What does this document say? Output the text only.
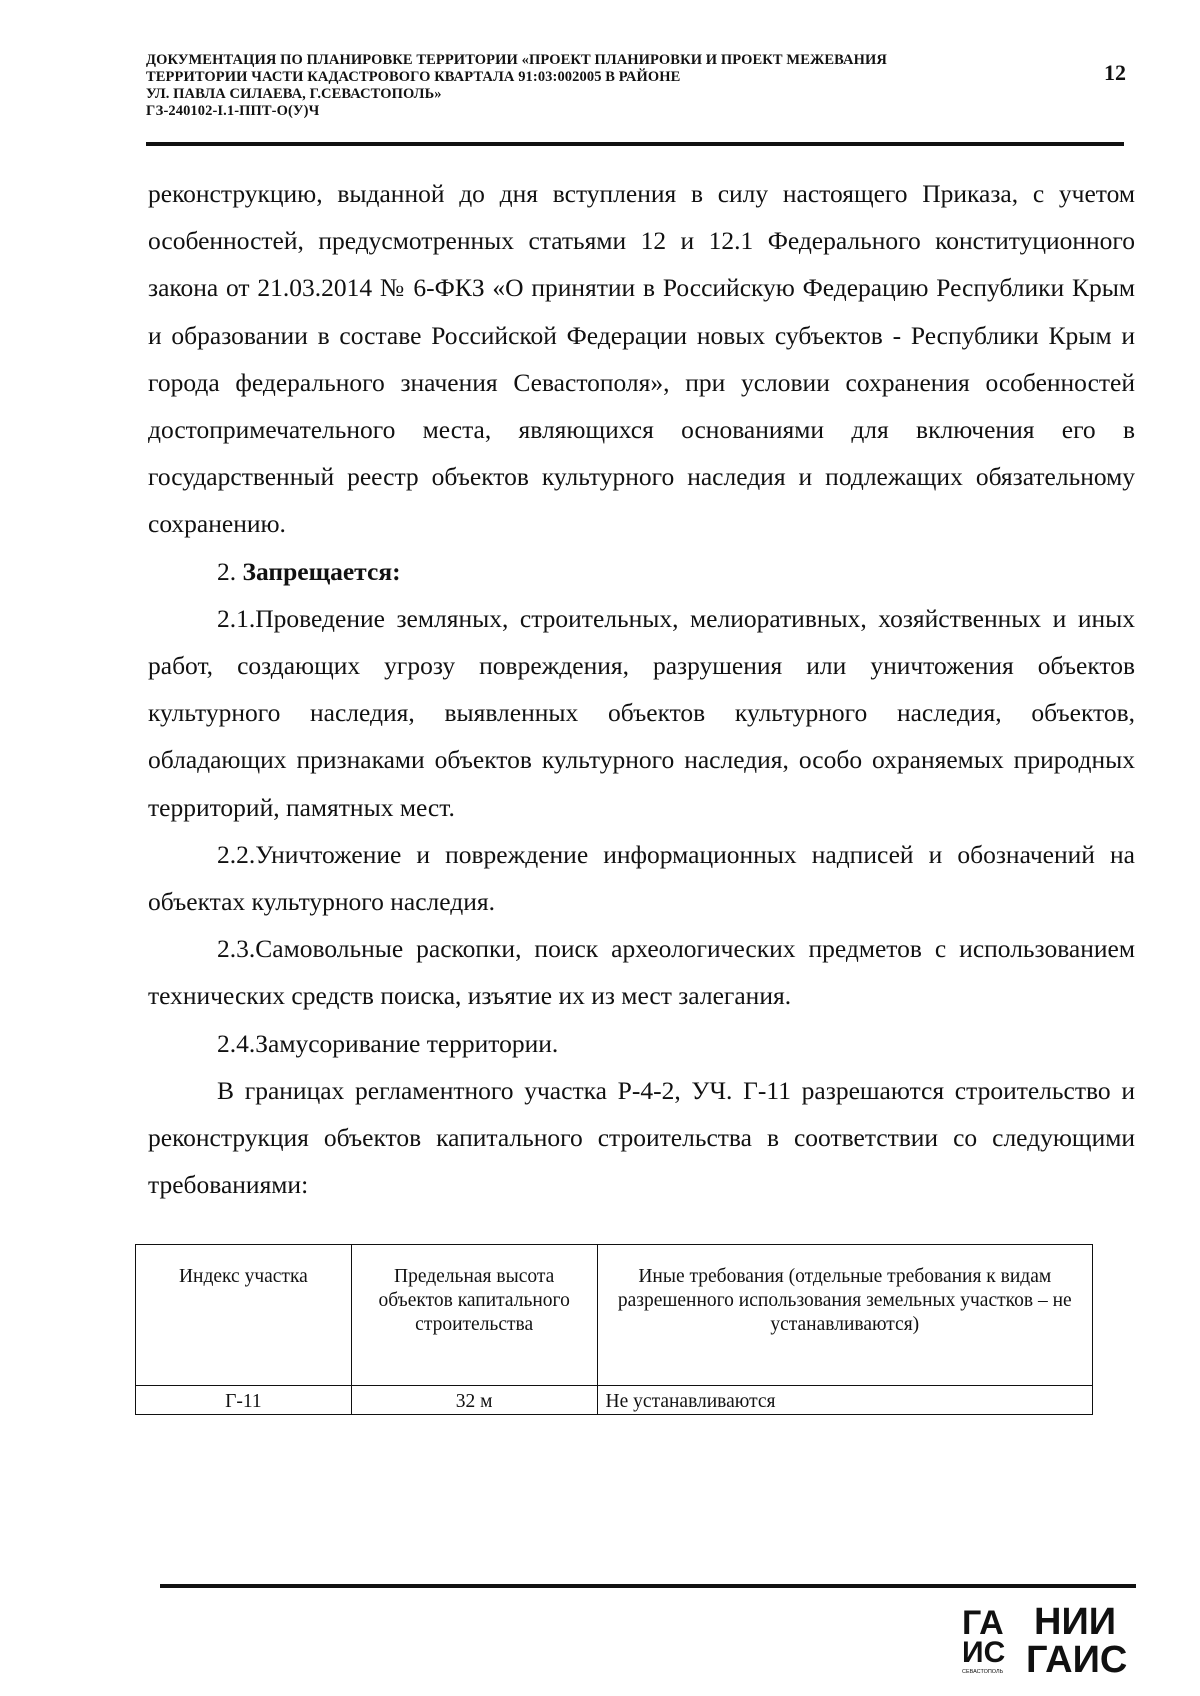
ДОКУМЕНТАЦИЯ ПО ПЛАНИРОВКЕ ТЕРРИТОРИИ «ПРОЕКТ ПЛАНИРОВКИ И ПРОЕКТ МЕЖЕВАНИЯ
ТЕРРИТОРИИ ЧАСТИ КАДАСТРОВОГО КВАРТАЛА 91:03:002005 В РАЙОНЕ
УЛ. ПАВЛА СИЛАЕВА, Г.СЕВАСТОПОЛЬ»
ГЗ-240102-I.1-ППТ-О(У)Ч
12

реконструкцию, выданной до дня вступления в силу настоящего Приказа, с учетом особенностей, предусмотренных статьями 12 и 12.1 Федерального конституционного закона от 21.03.2014 № 6-ФКЗ «О принятии в Российскую Федерацию Республики Крым и образовании в составе Российской Федерации новых субъектов - Республики Крым и города федерального значения Севастополя», при условии сохранения особенностей достопримечательного места, являющихся основаниями для включения его в государственный реестр объектов культурного наследия и подлежащих обязательному сохранению.

2. Запрещается:

2.1.Проведение земляных, строительных, мелиоративных, хозяйственных и иных работ, создающих угрозу повреждения, разрушения или уничтожения объектов культурного наследия, выявленных объектов культурного наследия, объектов, обладающих признаками объектов культурного наследия, особо охраняемых природных территорий, памятных мест.

2.2.Уничтожение и повреждение информационных надписей и обозначений на объектах культурного наследия.

2.3.Самовольные раскопки, поиск археологических предметов с использованием технических средств поиска, изъятие их из мест залегания.

2.4.Замусоривание территории.

В границах регламентного участка Р-4-2, УЧ. Г-11 разрешаются строительство и реконструкция объектов капитального строительства в соответствии со следующими требованиями:

Индекс участка	Предельная высота объектов капитального строительства	Иные требования (отдельные требования к видам разрешенного использования земельных участков – не устанавливаются)
Г-11	32 м	Не устанавливаются
ГА
ИС
СЕВАСТОПОЛЬ
НИИ
ГАИС
